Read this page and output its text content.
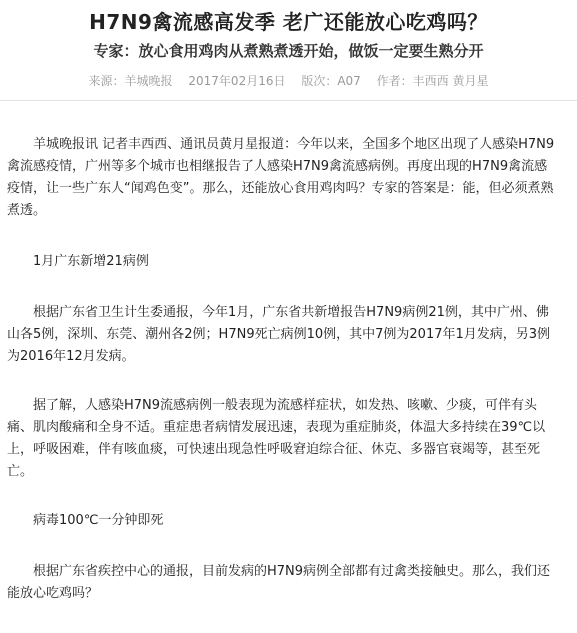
H7N9禽流感高发季 老广还能放心吃鸡吗？
专家：放心食用鸡肉从煮熟煮透开始，做饭一定要生熟分开
来源：羊城晚报 2017年02月16日 版次：A07 作者：丰西西 黄月星

羊城晚报讯 记者丰西西、通讯员黄月星报道：今年以来，全国多个地区出现了人感染H7N9禽流感疫情，广州等多个城市也相继报告了人感染H7N9禽流感病例。再度出现的H7N9禽流感疫情，让一些广东人“闻鸡色变”。那么，还能放心食用鸡肉吗？专家的答案是：能，但必须煮熟煮透。

1月广东新增21病例

根据广东省卫生计生委通报，今年1月，广东省共新增报告H7N9病例21例，其中广州、佛山各5例，深圳、东莞、潮州各2例；H7N9死亡病例10例，其中7例为2017年1月发病，另3例为2016年12月发病。

据了解，人感染H7N9流感病例一般表现为流感样症状，如发热、咳嗽、少痰，可伴有头痛、肌肉酸痛和全身不适。重症患者病情发展迅速，表现为重症肺炎，体温大多持续在39℃以上，呼吸困难，伴有咳血痰，可快速出现急性呼吸窘迫综合征、休克、多器官衰竭等，甚至死亡。

病毒100℃一分钟即死

根据广东省疾控中心的通报，目前发病的H7N9病例全部都有过禽类接触史。那么，我们还能放心吃鸡吗？
